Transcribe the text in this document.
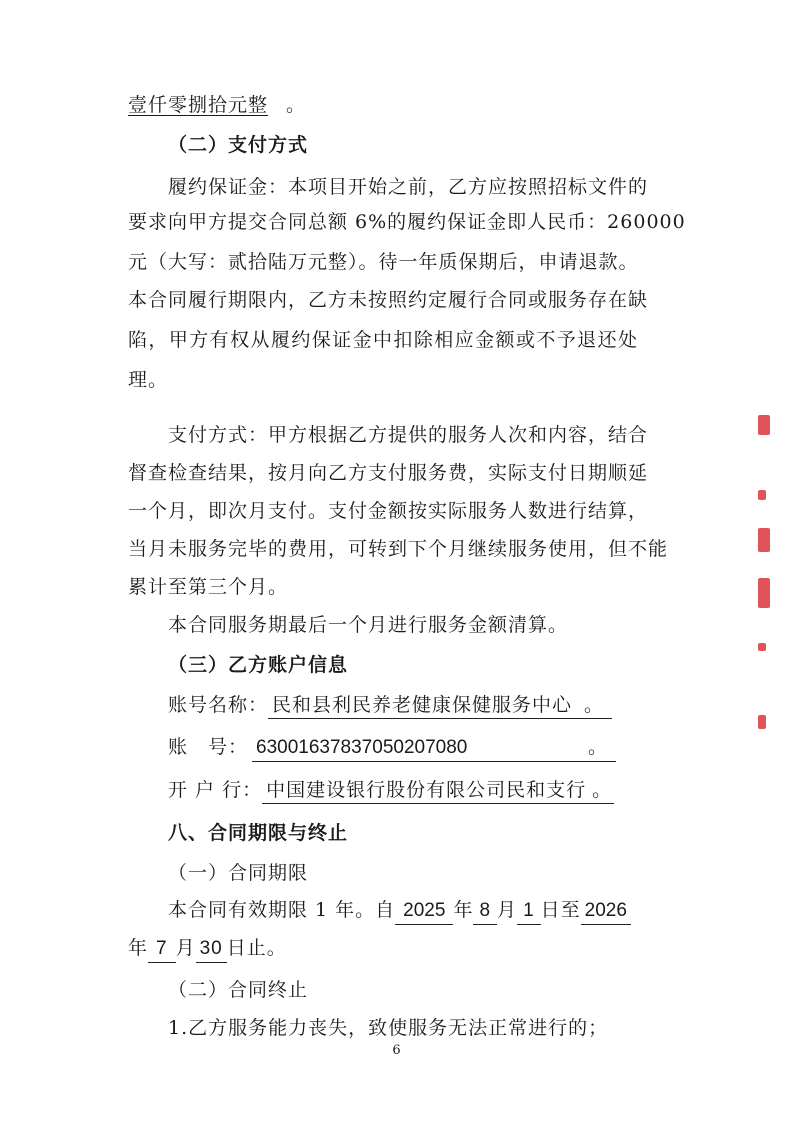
壹仟零捌拾元整 。
（二）支付方式
履约保证金：本项目开始之前，乙方应按照招标文件的
要求向甲方提交合同总额 6%的履约保证金即人民币：260000
元（大写：贰拾陆万元整）。待一年质保期后，申请退款。
本合同履行期限内，乙方未按照约定履行合同或服务存在缺
陷，甲方有权从履约保证金中扣除相应金额或不予退还处
理。
支付方式：甲方根据乙方提供的服务人次和内容，结合
督查检查结果，按月向乙方支付服务费，实际支付日期顺延
一个月，即次月支付。支付金额按实际服务人数进行结算，
当月未服务完毕的费用，可转到下个月继续服务使用，但不能
累计至第三个月。
本合同服务期最后一个月进行服务金额清算。
（三）乙方账户信息
账号名称： 民和县利民养老健康保健服务中心 。
账　号： 63001637837050207080	。
开 户 行： 中国建设银行股份有限公司民和支行 。
八、合同期限与终止
（一）合同期限
本合同有效期限 1 年。自 2025 年 8 月 1 日至 2026
年 7 月 30 日止。
（二）合同终止
1.乙方服务能力丧失，致使服务无法正常进行的；
6
